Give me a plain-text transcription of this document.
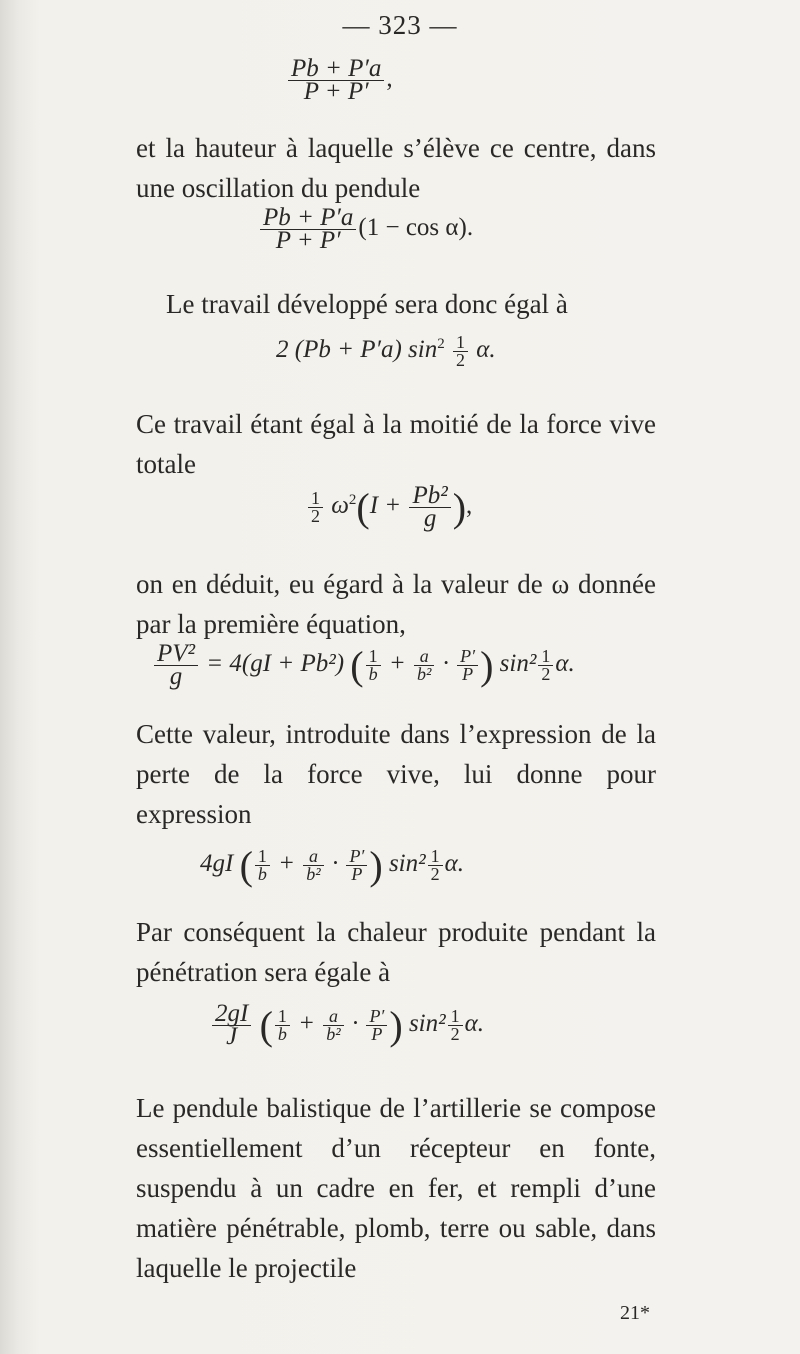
— 323 —
$\frac{Pb + P'a}{P + P'}$ ,
et la hauteur à laquelle s’élève ce centre, dans une oscillation du pendule
$\frac{Pb + P'a}{P + P'} (1 - \cos \alpha)$.
Le travail développé sera donc égal à
2 (Pb + P′a) $\sin^2 \frac{1}{2} \alpha$.
Ce travail étant égal à la moitié de la force vive totale
$\frac{1}{2} \omega^2(I + \frac{\text{Pb²}}{g}$ ),
on en déduit, eu égard à la valeur de ω donnée par la première équation,
$\frac{\text{PV²}}{g} = 4(gI + Pb^2)$ ( $\frac{1}{b} + \frac{a}{\text{b²}} \cdot \frac{P'}{P}$ ) $\sin^2 \frac{1}{2} \alpha$.
Cette valeur, introduite dans l’expression de la perte de la force vive, lui donne pour expression
4gI ( $\frac{1}{b} + \frac{a}{\text{b²}} \cdot \frac{P'}{P}$ ) $\sin^2 \frac{1}{2} \alpha$.
Par conséquent la chaleur produite pendant la pénétration sera égale à
$\frac{2gI}{J}$ ( $\frac{1}{b} + \frac{a}{\text{b²}} \cdot \frac{P'}{P}$ ) $\sin^2 \frac{1}{2} \alpha$.
Le pendule balistique de l’artillerie se compose essentiellement d’un récepteur en fonte, suspendu à un cadre en fer, et rempli d’une matière pénétrable, plomb, terre ou sable, dans laquelle le projectile
21*
